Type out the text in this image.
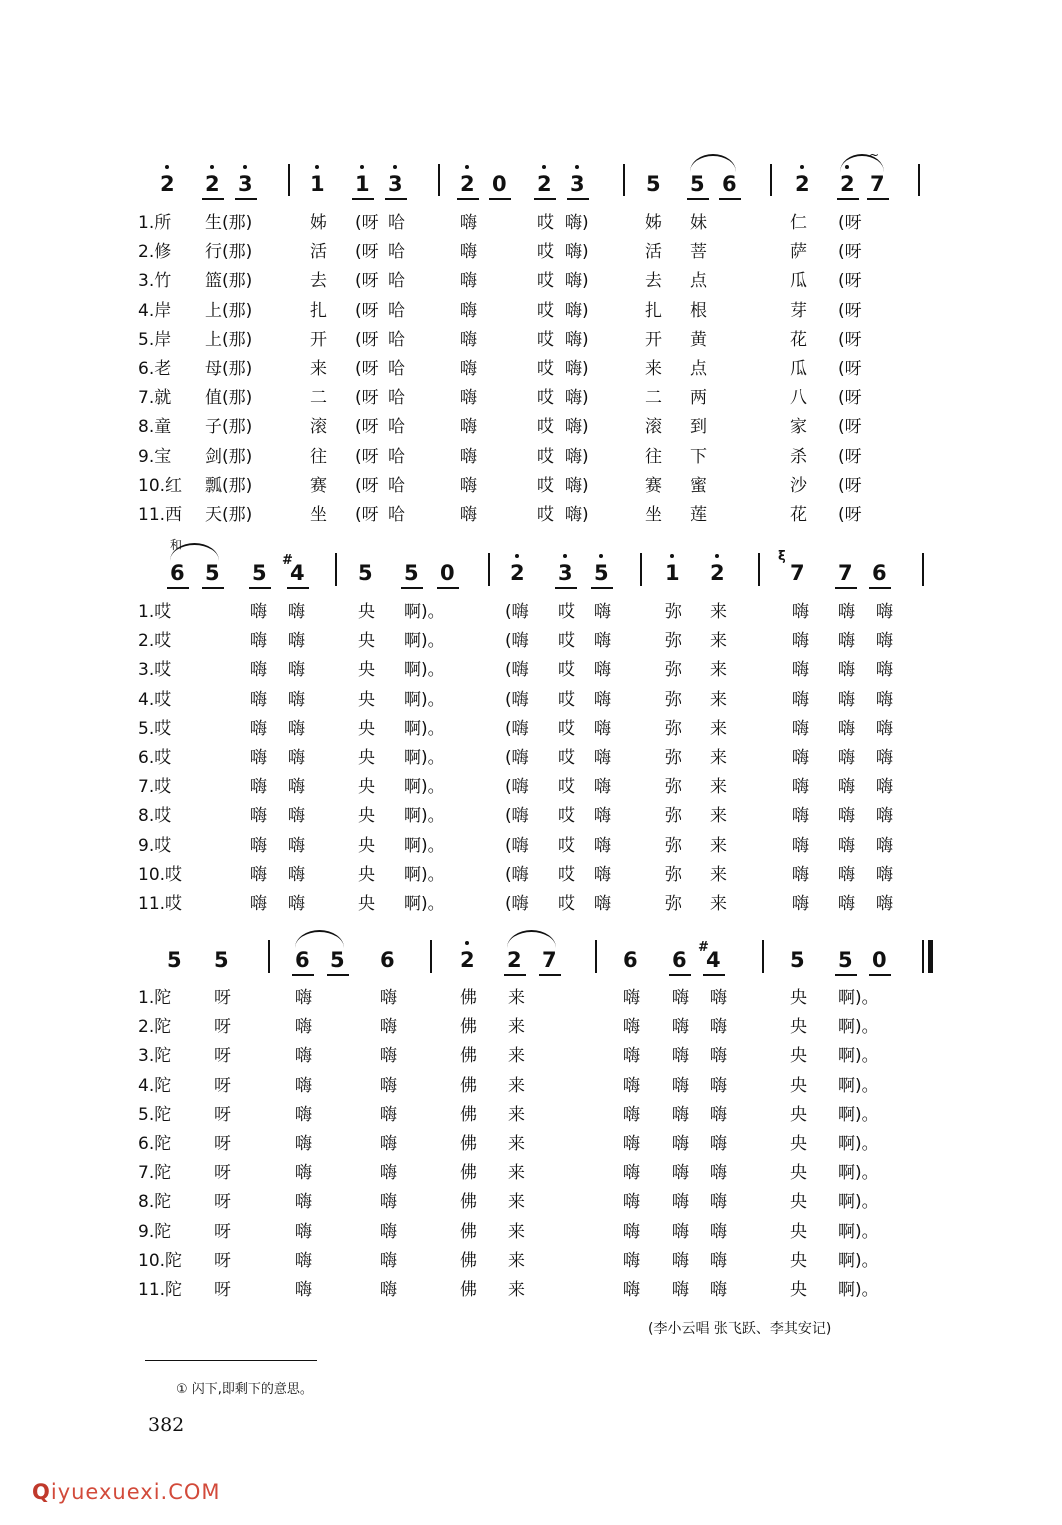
2 2 3	1 1 3	2 0 2 3	5 5 6	2 2 7
~
6 5 5 4
#
5 5 0	2 3 5	1 2	7 7 6
ξ
和
5 5	6 5 6	2 2 7	6 6 4
#
5 5 0
1.所 生(那)	姊 (呀 哈	嗨	哎 嗨)	姊 妹	仁 (呀
2.修 行(那)	活 (呀 哈	嗨	哎 嗨)	活 菩	萨 (呀
3.竹 篮(那)	去 (呀 哈	嗨	哎 嗨)	去 点	瓜 (呀
4.岸 上(那)	扎 (呀 哈	嗨	哎 嗨)	扎 根	芽 (呀
5.岸 上(那)	开 (呀 哈	嗨	哎 嗨)	开 黄	花 (呀
6.老 母(那)	来 (呀 哈	嗨	哎 嗨)	来 点	瓜 (呀
7.就 值(那)	二 (呀 哈	嗨	哎 嗨)	二 两	八 (呀
8.童 子(那)	滚 (呀 哈	嗨	哎 嗨)	滚 到	家 (呀
9.宝 剑(那)	往 (呀 哈	嗨	哎 嗨)	往 下	杀 (呀
10.红 瓢(那)	赛 (呀 哈	嗨	哎 嗨)	赛 蜜	沙 (呀
11.西 天(那)	坐 (呀 哈	嗨	哎 嗨)	坐 莲	花 (呀
1.哎	嗨 嗨	央 啊)。	(嗨 哎 嗨	弥 来	嗨 嗨 嗨
2.哎	嗨 嗨	央 啊)。	(嗨 哎 嗨	弥 来	嗨 嗨 嗨
3.哎	嗨 嗨	央 啊)。	(嗨 哎 嗨	弥 来	嗨 嗨 嗨
4.哎	嗨 嗨	央 啊)。	(嗨 哎 嗨	弥 来	嗨 嗨 嗨
5.哎	嗨 嗨	央 啊)。	(嗨 哎 嗨	弥 来	嗨 嗨 嗨
6.哎	嗨 嗨	央 啊)。	(嗨 哎 嗨	弥 来	嗨 嗨 嗨
7.哎	嗨 嗨	央 啊)。	(嗨 哎 嗨	弥 来	嗨 嗨 嗨
8.哎	嗨 嗨	央 啊)。	(嗨 哎 嗨	弥 来	嗨 嗨 嗨
9.哎	嗨 嗨	央 啊)。	(嗨 哎 嗨	弥 来	嗨 嗨 嗨
10.哎	嗨 嗨	央 啊)。	(嗨 哎 嗨	弥 来	嗨 嗨 嗨
11.哎	嗨 嗨	央 啊)。	(嗨 哎 嗨	弥 来	嗨 嗨 嗨
1.陀	呀	嗨	嗨	佛 来	嗨 嗨 嗨	央 啊)。
2.陀	呀	嗨	嗨	佛 来	嗨 嗨 嗨	央 啊)。
3.陀	呀	嗨	嗨	佛 来	嗨 嗨 嗨	央 啊)。
4.陀	呀	嗨	嗨	佛 来	嗨 嗨 嗨	央 啊)。
5.陀	呀	嗨	嗨	佛 来	嗨 嗨 嗨	央 啊)。
6.陀	呀	嗨	嗨	佛 来	嗨 嗨 嗨	央 啊)。
7.陀	呀	嗨	嗨	佛 来	嗨 嗨 嗨	央 啊)。
8.陀	呀	嗨	嗨	佛 来	嗨 嗨 嗨	央 啊)。
9.陀	呀	嗨	嗨	佛 来	嗨 嗨 嗨	央 啊)。
10.陀 呀	嗨	嗨	佛 来	嗨 嗨 嗨	央 啊)。
11.陀 呀	嗨	嗨	佛 来	嗨 嗨 嗨	央 啊)。
(李小云唱 张飞跃、李其安记)
① 闪下,即剩下的意思。
382
Qiyuexuexi.COM
